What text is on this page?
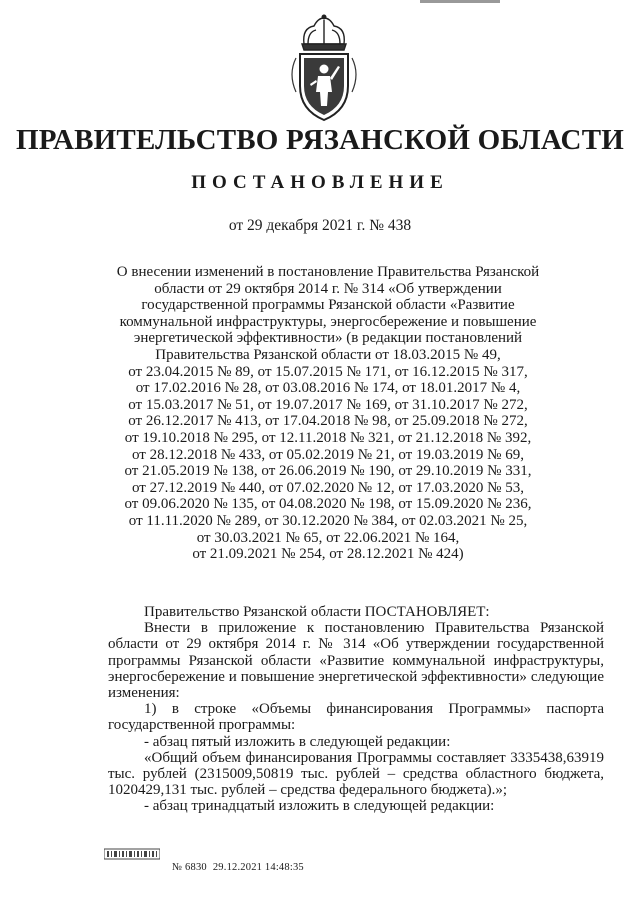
ПРАВИТЕЛЬСТВО РЯЗАНСКОЙ ОБЛАСТИ
ПОСТАНОВЛЕНИЕ
от 29 декабря 2021 г. № 438
О внесении изменений в постановление Правительства Рязанской
области от 29 октября 2014 г. № 314 «Об утверждении
государственной программы Рязанской области «Развитие
коммунальной инфраструктуры, энергосбережение и повышение
энергетической эффективности» (в редакции постановлений
Правительства Рязанской области от 18.03.2015 № 49,
от 23.04.2015 № 89, от 15.07.2015 № 171, от 16.12.2015 № 317,
от 17.02.2016 № 28, от 03.08.2016 № 174, от 18.01.2017 № 4,
от 15.03.2017 № 51, от 19.07.2017 № 169, от 31.10.2017 № 272,
от 26.12.2017 № 413, от 17.04.2018 № 98, от 25.09.2018 № 272,
от 19.10.2018 № 295, от 12.11.2018 № 321, от 21.12.2018 № 392,
от 28.12.2018 № 433, от 05.02.2019 № 21, от 19.03.2019 № 69,
от 21.05.2019 № 138, от 26.06.2019 № 190, от 29.10.2019 № 331,
от 27.12.2019 № 440, от 07.02.2020 № 12, от 17.03.2020 № 53,
от 09.06.2020 № 135, от 04.08.2020 № 198, от 15.09.2020 № 236,
от 11.11.2020 № 289, от 30.12.2020 № 384, от 02.03.2021 № 25,
от 30.03.2021 № 65, от 22.06.2021 № 164,
от 21.09.2021 № 254, от 28.12.2021 № 424)

Правительство Рязанской области ПОСТАНОВЛЯЕТ:

Внести в приложение к постановлению Правительства Рязанской области от 29 октября 2014 г. № 314 «Об утверждении государственной программы Рязанской области «Развитие коммунальной инфраструктуры, энергосбережение и повышение энергетической эффективности» следующие изменения:

1) в строке «Объемы финансирования Программы» паспорта государственной программы:

- абзац пятый изложить в следующей редакции:

«Общий объем финансирования Программы составляет 3335438,63919 тыс. рублей (2315009,50819 тыс. рублей – средства областного бюджета, 1020429,131 тыс. рублей – средства федерального бюджета).»;

- абзац тринадцатый изложить в следующей редакции:

№ 6830 29.12.2021 14:48:35
